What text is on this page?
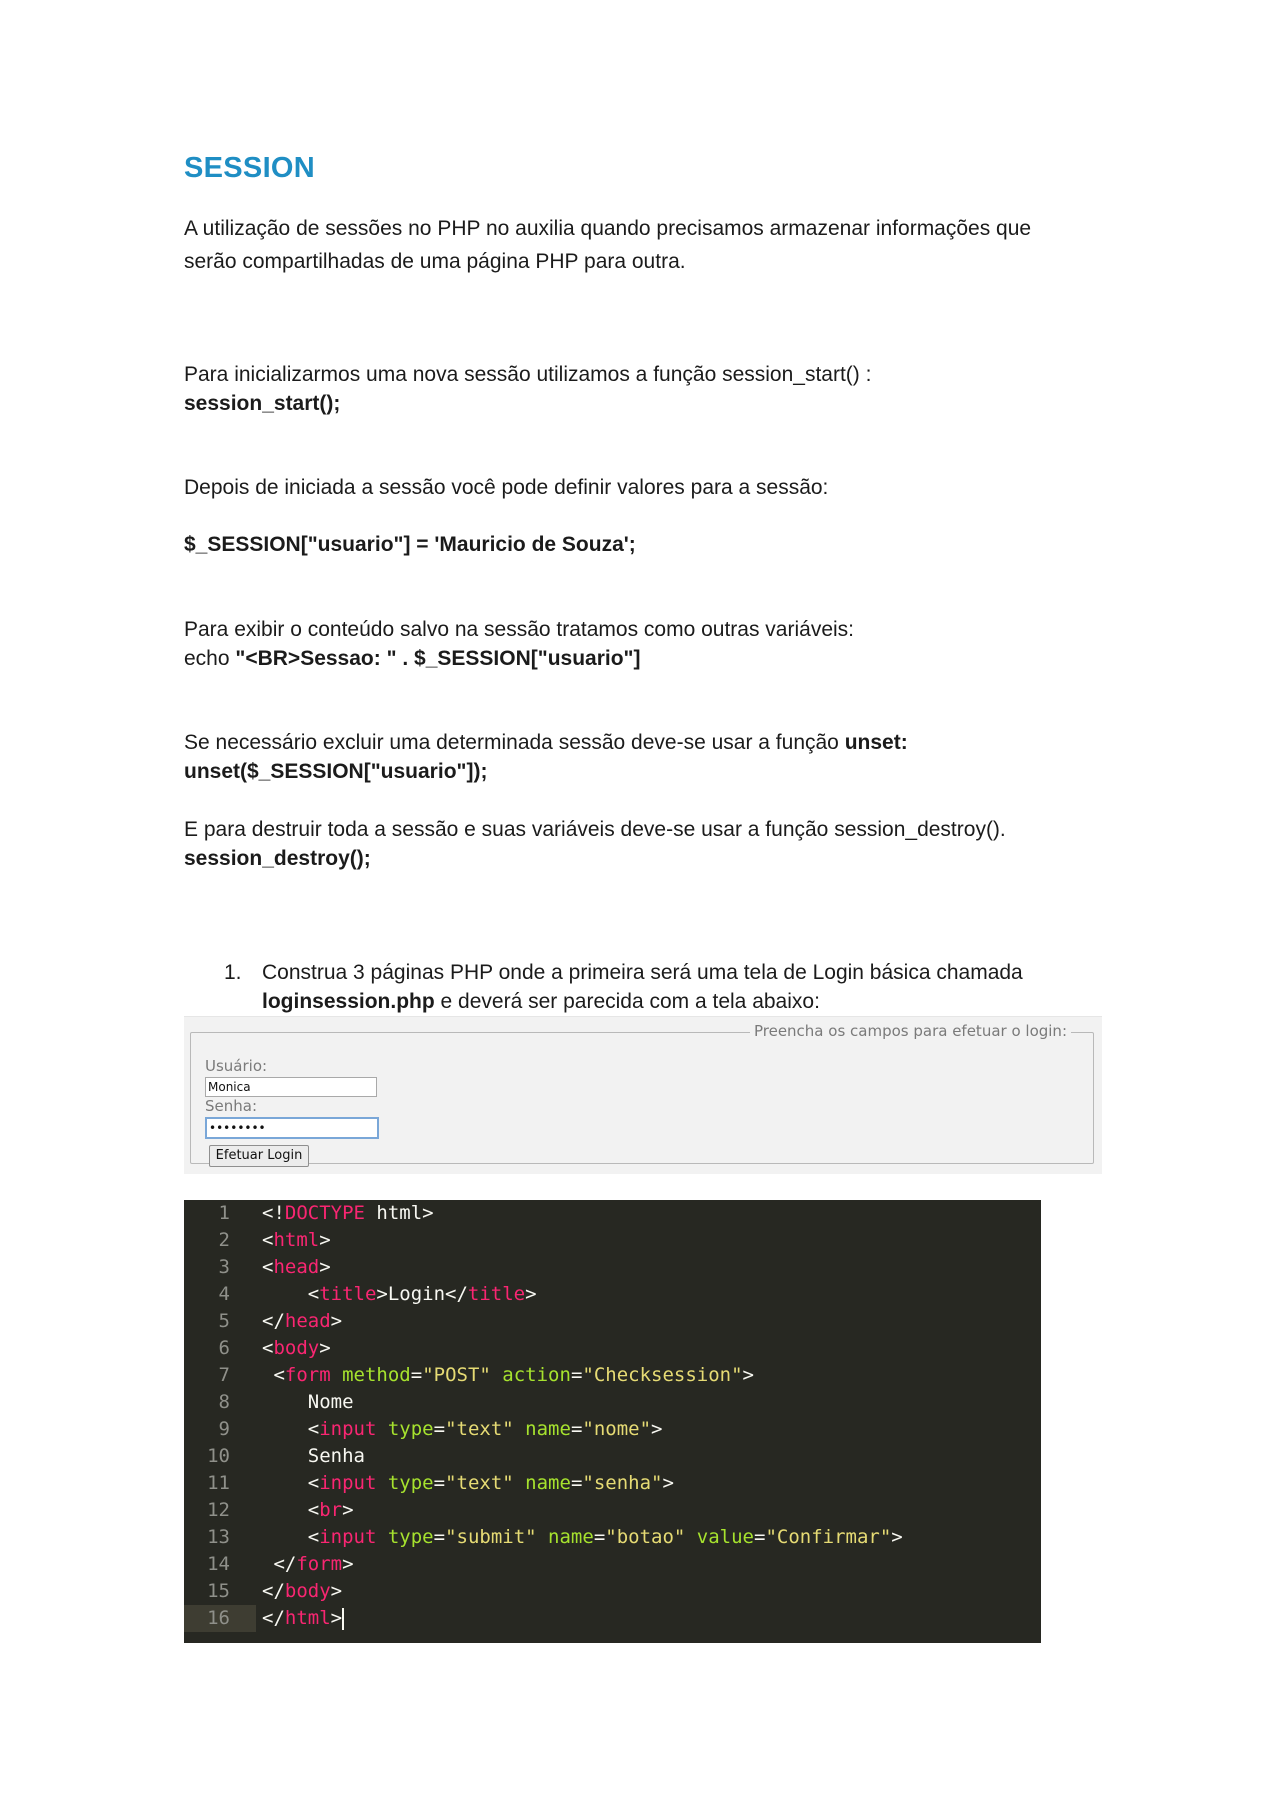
SESSION
A utilização de sessões no PHP no auxilia quando precisamos armazenar informações que
serão compartilhadas de uma página PHP para outra.
Para inicializarmos uma nova sessão utilizamos a função session_start() :
session_start();
Depois de iniciada a sessão você pode definir valores para a sessão:
$_SESSION["usuario"] = 'Mauricio de Souza';
Para exibir o conteúdo salvo na sessão tratamos como outras variáveis:
echo "<BR>Sessao: " . $_SESSION["usuario"]
Se necessário excluir uma determinada sessão deve-se usar a função unset:
unset($_SESSION["usuario"]);
E para destruir toda a sessão e suas variáveis deve-se usar a função session_destroy().
session_destroy();
1. Construa 3 páginas PHP onde a primeira será uma tela de Login básica chamada
loginsession.php e deverá ser parecida com a tela abaixo:
Preencha os campos para efetuar o login:
Usuário:
Monica
Senha:
••••••••
Efetuar Login
1
2
3
4
5
6
7
8
9
10
11
12
13
14
15
16
<!DOCTYPE html>
<html>
<head>
<title>Login</title>
</head>
<body>
<form method="POST" action="Checksession">
Nome
<input type="text" name="nome">
Senha
<input type="text" name="senha">
<br>
<input type="submit" name="botao" value="Confirmar">
</form>
</body>
</html>
